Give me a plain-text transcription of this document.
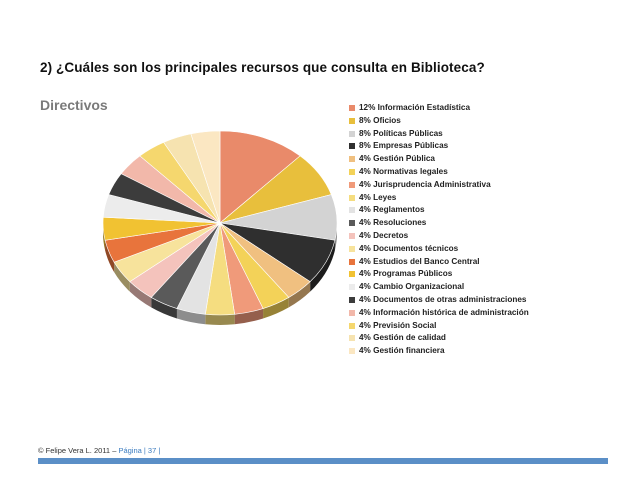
2) ¿Cuáles son los principales recursos que consulta en Biblioteca?
Directivos	12% Información Estadística
8% Oficios
8% Políticas Públicas
8% Empresas Públicas
4% Gestión Pública
4% Normativas legales
4% Jurisprudencia Administrativa
4% Leyes
4% Reglamentos
4% Resoluciones
4% Decretos
4% Documentos técnicos
4% Estudios del Banco Central
4% Programas Públicos
4% Cambio Organizacional
4% Documentos de otras administraciones
4% Información histórica de administración
4% Previsión Social
4% Gestión de calidad
4% Gestión financiera
© Felipe Vera L. 2011 – Página | 37 |
